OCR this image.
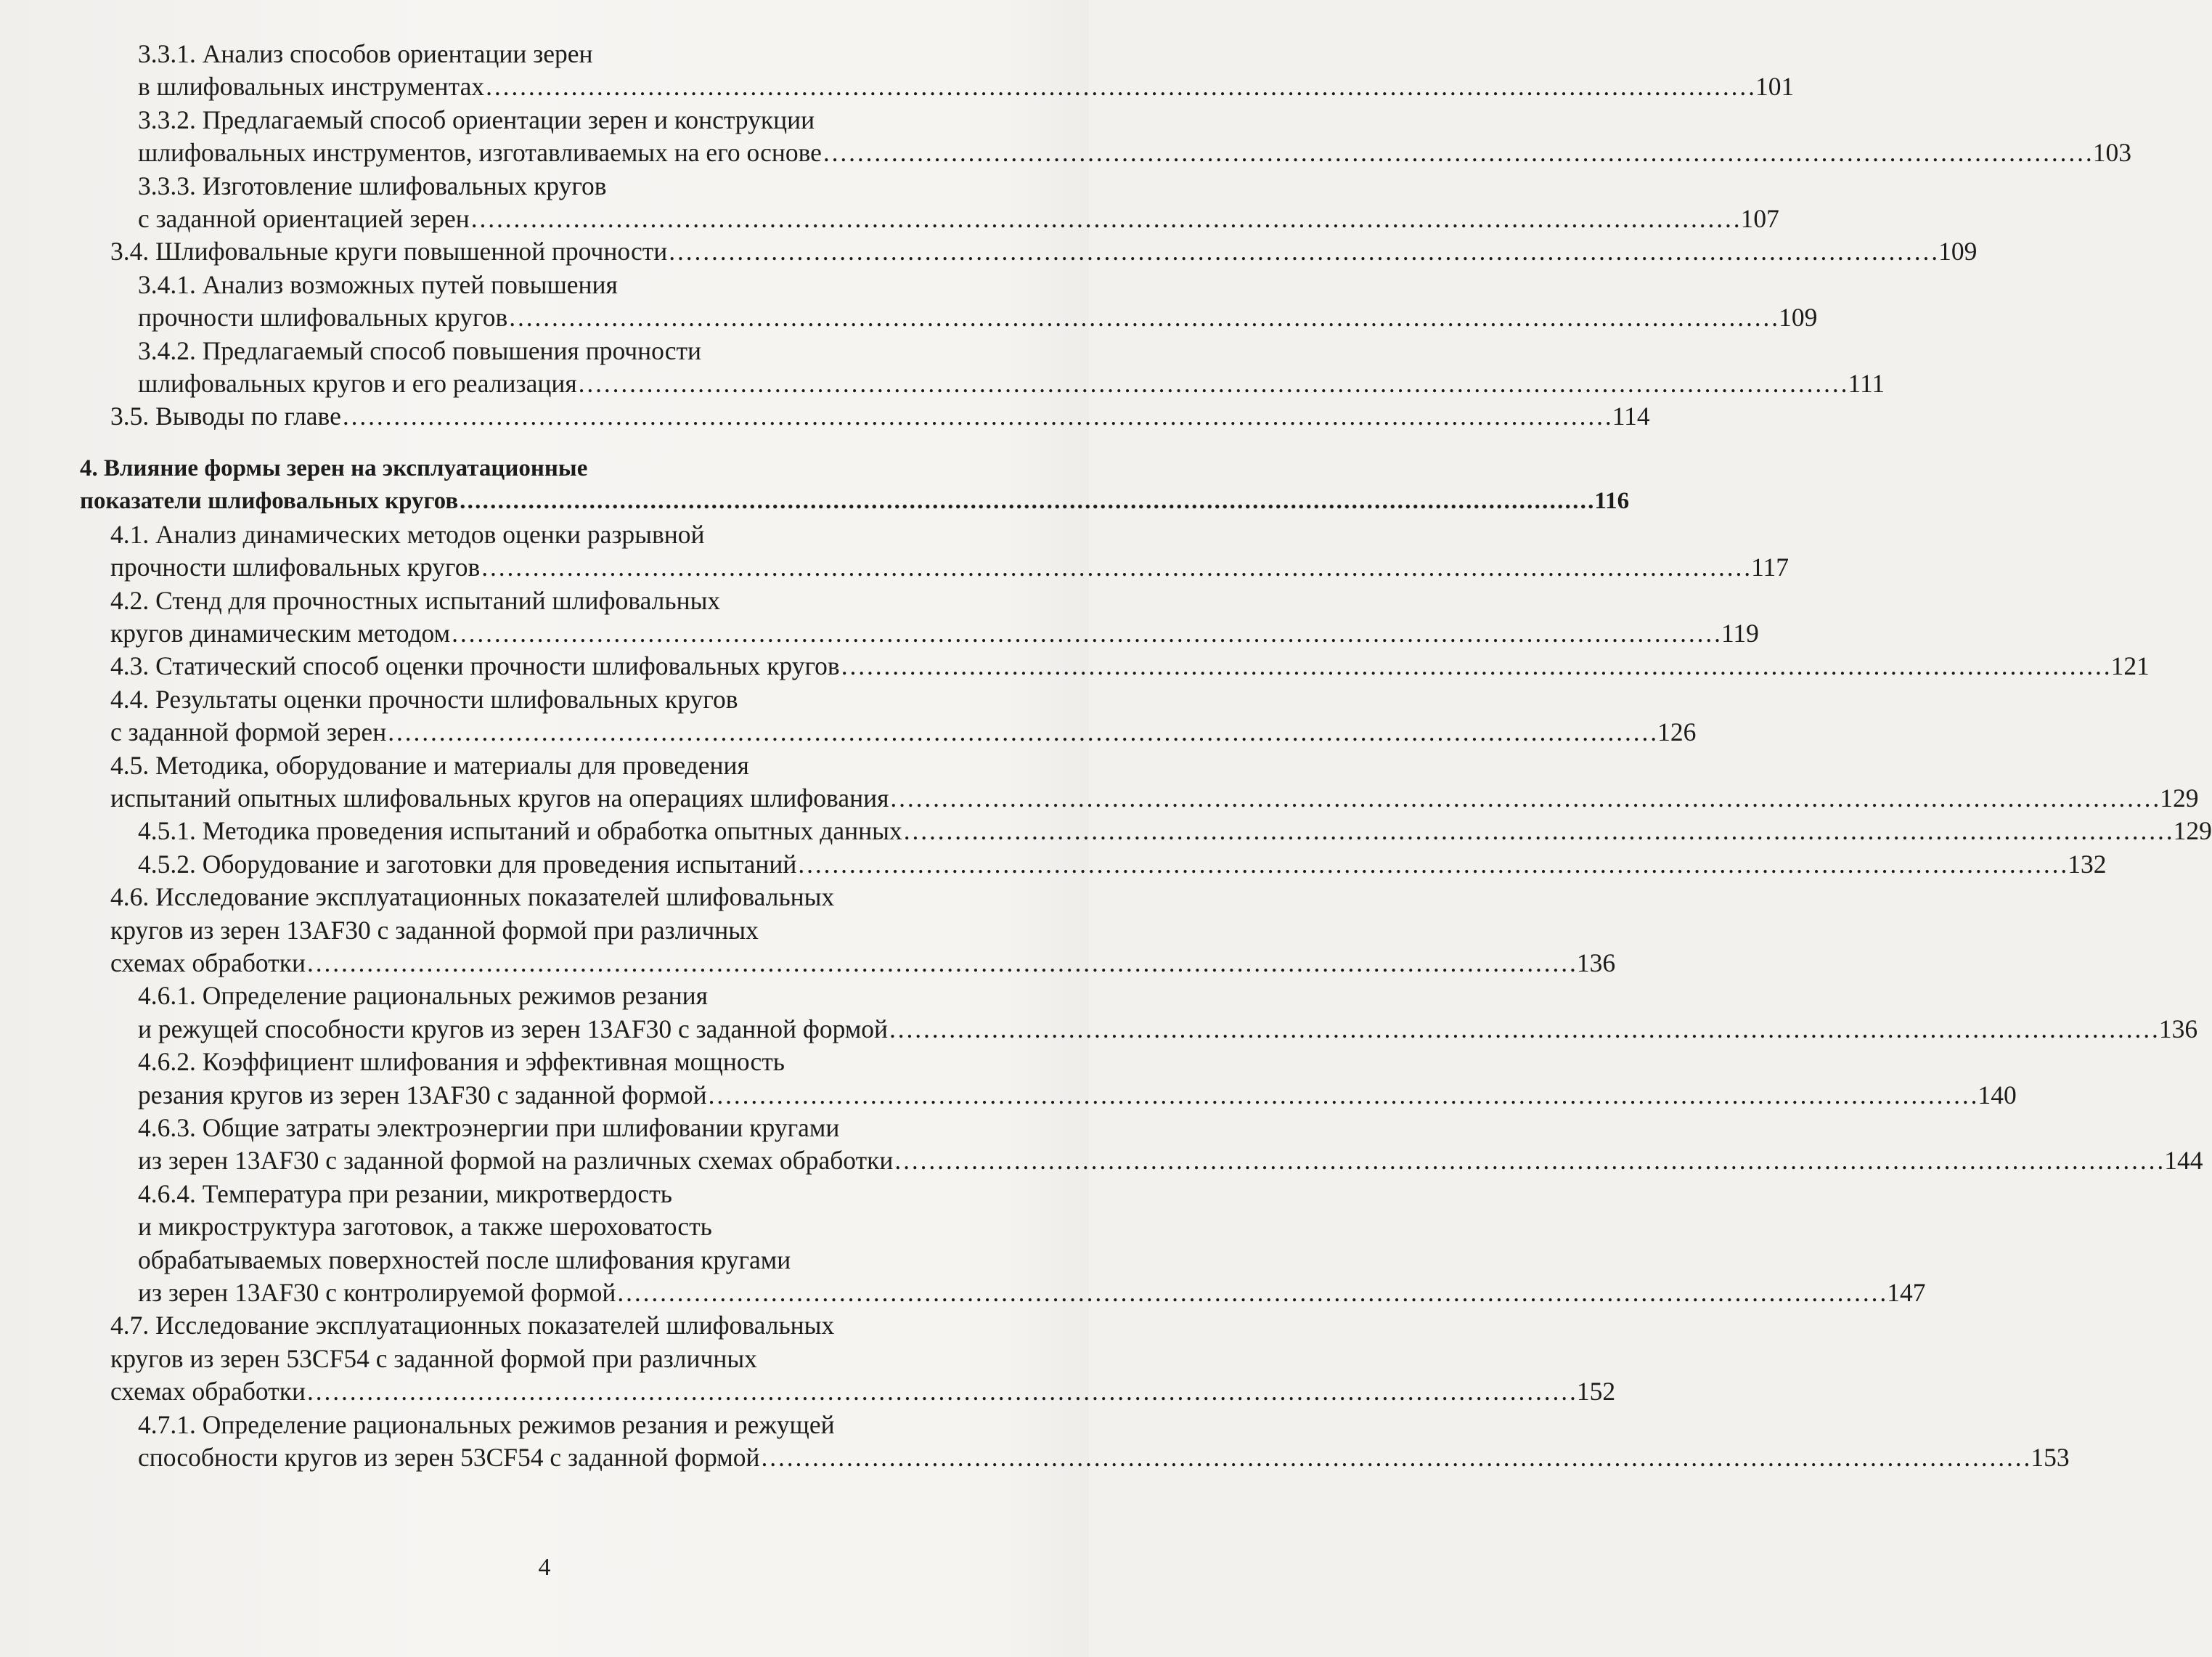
3.3.1. Анализ способов ориентации зерен
в шлифовальных инструментах . . .	101
3.3.2. Предлагаемый способ ориентации зерен и конструкции
шлифовальных инструментов, изготавливаемых на его основе . . .	103
3.3.3. Изготовление шлифовальных кругов
с заданной ориентацией зерен . . .	107
3.4. Шлифовальные круги повышенной прочности . . .	109
3.4.1. Анализ возможных путей повышения
прочности шлифовальных кругов . . .	109
3.4.2. Предлагаемый способ повышения прочности
шлифовальных кругов и его реализация . . .	111
3.5. Выводы по главе . . .	114
4. Влияние формы зерен на эксплуатационные
показатели шлифовальных кругов . . .	116
4.1. Анализ динамических методов оценки разрывной
прочности шлифовальных кругов . . .	117
4.2. Стенд для прочностных испытаний шлифовальных
кругов динамическим методом . . .	119
4.3. Статический способ оценки прочности шлифовальных кругов . . .	121
4.4. Результаты оценки прочности шлифовальных кругов
с заданной формой зерен . . .	126
4.5. Методика, оборудование и материалы для проведения
испытаний опытных шлифовальных кругов на операциях шлифования . . .	129
4.5.1. Методика проведения испытаний и обработка опытных данных . . .	129
4.5.2. Оборудование и заготовки для проведения испытаний . . .	132
4.6. Исследование эксплуатационных показателей шлифовальных
кругов из зерен 13AF30 с заданной формой при различных
схемах обработки . . .	136
4.6.1. Определение рациональных режимов резания
и режущей способности кругов из зерен 13AF30 с заданной формой . . .	136
4.6.2. Коэффициент шлифования и эффективная мощность
резания кругов из зерен 13AF30 с заданной формой . . .	140
4.6.3. Общие затраты электроэнергии при шлифовании кругами
из зерен 13AF30 с заданной формой на различных схемах обработки . . .	144
4.6.4. Температура при резании, микротвердость
и микроструктура заготовок, а также шероховатость
обрабатываемых поверхностей после шлифования кругами
из зерен 13AF30 с контролируемой формой . . .	147
4.7. Исследование эксплуатационных показателей шлифовальных
кругов из зерен 53CF54 с заданной формой при различных
схемах обработки . . .	152
4.7.1. Определение рациональных режимов резания и режущей
способности кругов из зерен 53CF54 с заданной формой . . .	153
4
